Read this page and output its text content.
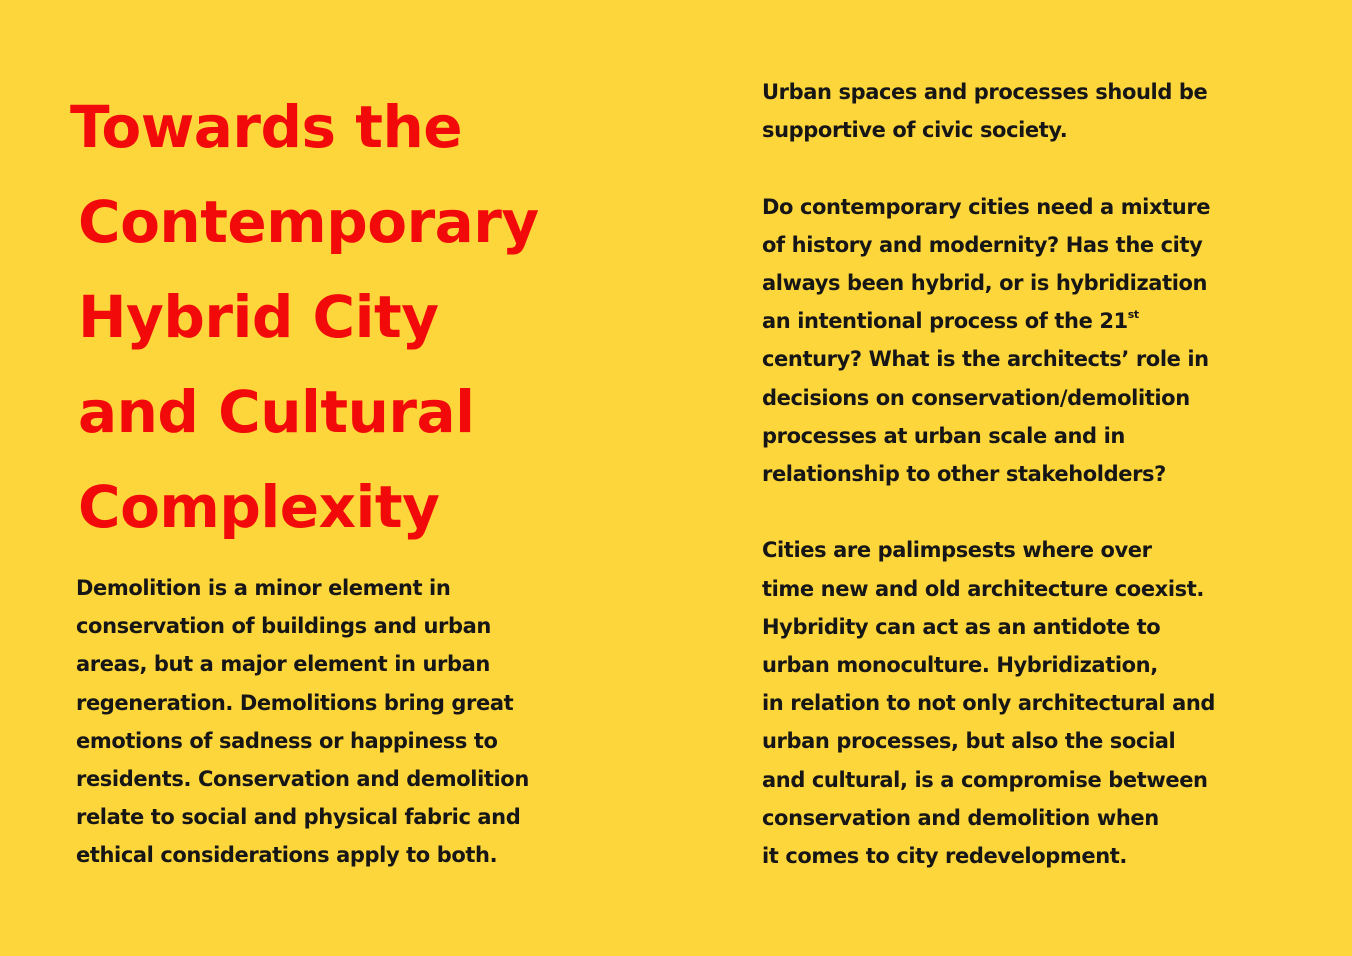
Towards the
Contemporary
Hybrid City
and Cultural
Complexity

Demolition is a minor element in
conservation of buildings and urban
areas, but a major element in urban
regeneration. Demolitions bring great
emotions of sadness or happiness to
residents. Conservation and demolition
relate to social and physical fabric and
ethical considerations apply to both.

Urban spaces and processes should be
supportive of civic society.

Do contemporary cities need a mixture
of history and modernity? Has the city
always been hybrid, or is hybridization
an intentional process of the 21st
century? What is the architects’ role in
decisions on conservation/demolition
processes at urban scale and in
relationship to other stakeholders?

Cities are palimpsests where over
time new and old architecture coexist.
Hybridity can act as an antidote to
urban monoculture. Hybridization,
in relation to not only architectural and
urban processes, but also the social
and cultural, is a compromise between
conservation and demolition when
it comes to city redevelopment.
